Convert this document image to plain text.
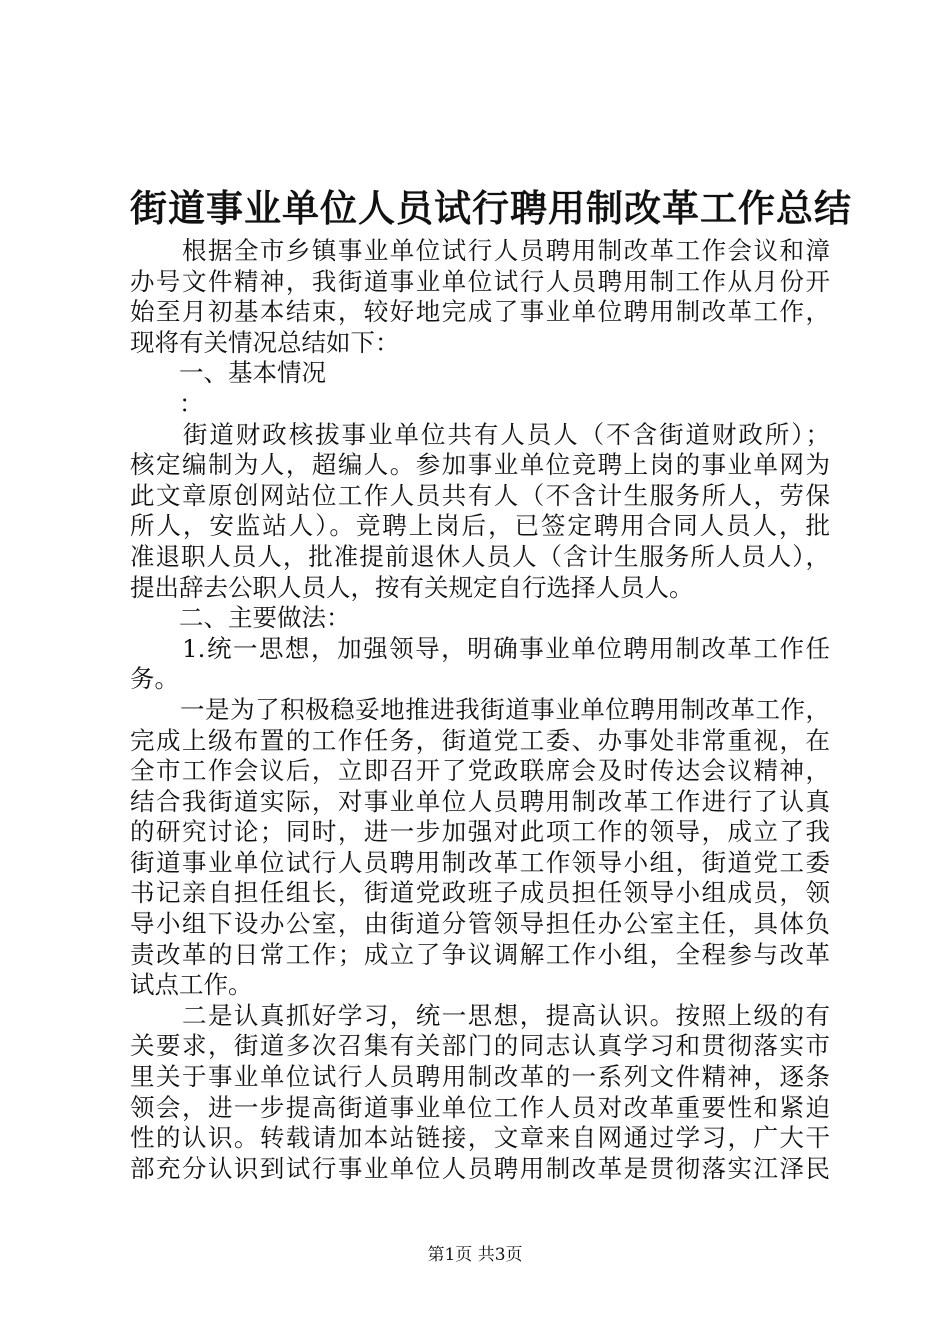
街道事业单位人员试行聘用制改革工作总结
　　根据全市乡镇事业单位试行人员聘用制改革工作会议和漳
办号文件精神，我街道事业单位试行人员聘用制工作从月份开
始至月初基本结束，较好地完成了事业单位聘用制改革工作，
现将有关情况总结如下：
　　一、基本情况
　　：
　　街道财政核拔事业单位共有人员人（不含街道财政所）；
核定编制为人，超编人。参加事业单位竞聘上岗的事业单网为
此文章原创网站位工作人员共有人（不含计生服务所人，劳保
所人，安监站人）。竞聘上岗后，已签定聘用合同人员人，批
准退职人员人，批准提前退休人员人（含计生服务所人员人），
提出辞去公职人员人，按有关规定自行选择人员人。
　　二、主要做法：
　　1.统一思想，加强领导，明确事业单位聘用制改革工作任
务。
　　一是为了积极稳妥地推进我街道事业单位聘用制改革工作，
完成上级布置的工作任务，街道党工委、办事处非常重视，在
全市工作会议后，立即召开了党政联席会及时传达会议精神，
结合我街道实际，对事业单位人员聘用制改革工作进行了认真
的研究讨论；同时，进一步加强对此项工作的领导，成立了我
街道事业单位试行人员聘用制改革工作领导小组，街道党工委
书记亲自担任组长，街道党政班子成员担任领导小组成员，领
导小组下设办公室，由街道分管领导担任办公室主任，具体负
责改革的日常工作；成立了争议调解工作小组，全程参与改革
试点工作。
　　二是认真抓好学习，统一思想，提高认识。按照上级的有
关要求，街道多次召集有关部门的同志认真学习和贯彻落实市
里关于事业单位试行人员聘用制改革的一系列文件精神，逐条
领会，进一步提高街道事业单位工作人员对改革重要性和紧迫
性的认识。转载请加本站链接，文章来自网通过学习，广大干
部充分认识到试行事业单位人员聘用制改革是贯彻落实江泽民
第1页 共3页
